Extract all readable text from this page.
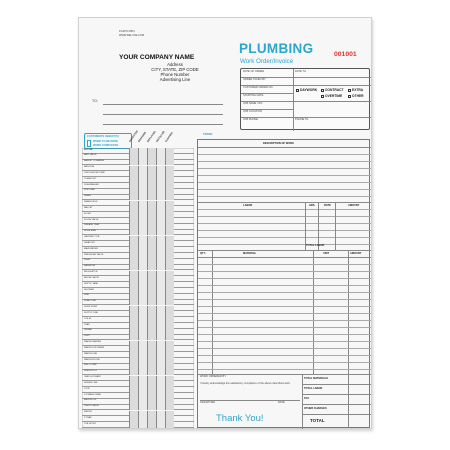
PL4070 MB.3
WWW.DELUXE.COM
YOUR COMPANY NAME
Address
CITY, STATE, ZIP CODE
Phone Number
Advertising Line
TO:
PLUMBING
Work Order/Invoice
001001
DATE OF ORDER	DATE TIL
ORDER TAKEN BY
CUSTOMER ORDER NO.
STARTING DATE
JOB NAME / NO.
JOB LOCATION
JOB PHONE	PHONE TIL
DAYWORK	CONTRACT	EXTRA
OVERTIME	OTHER
CUSTOMER'S OBJECT(S)
WORK TO BE DONE
WORK COMPLETED
TERMS:
AIR GAP
BALL VALVE
BASKET STRAINER
BATHTUB
CIRCULATOR PUMP
CLEAN OUT
DISHWASHER
DISPOSAL
DRAIN
DRAIN FIELD
FAUCET
FLOAT
FLUSH VALVE
GREASE TRAP
HOSE BIBB
LAUNDRY TUB
LAVATORY
MAIN WATER
PRESSURE VALVE
PUMP
RADIATOR
REGULATOR
RELIEF VALVE
SEPTIC TANK
SHOWER
SINK
SOAP DISH
SUMP PUMP
SUPPLY LINE
TOILET
TRAP
URINAL
VENT
WATER HEATER
WATER SOFTENER
WATER LINE
WATER FILTER
WELL PUMP
WHIRLPOOL
YARD HYDRANT
SEWER LINE
STOP
STORAGE TANK
BACKFLOW
CHECK VALVE
METER
P TRAP
TUB SPOUT
INSPECTED
REPAIRED REPLACED
INSTALLED
CLEANED
DESCRIPTION OF WORK
LABOR	HRS.	RATE	AMOUNT
TOTAL LABOR
QTY.	MATERIAL	UNIT	AMOUNT
WORK ORDERED BY
I hereby acknowledge the satisfactory completion of the above described work.
SIGNATURE	DATE
Thank You!
TOTAL MATERIALS
TOTAL LABOR
TAX
OTHER CHARGES
TOTAL
